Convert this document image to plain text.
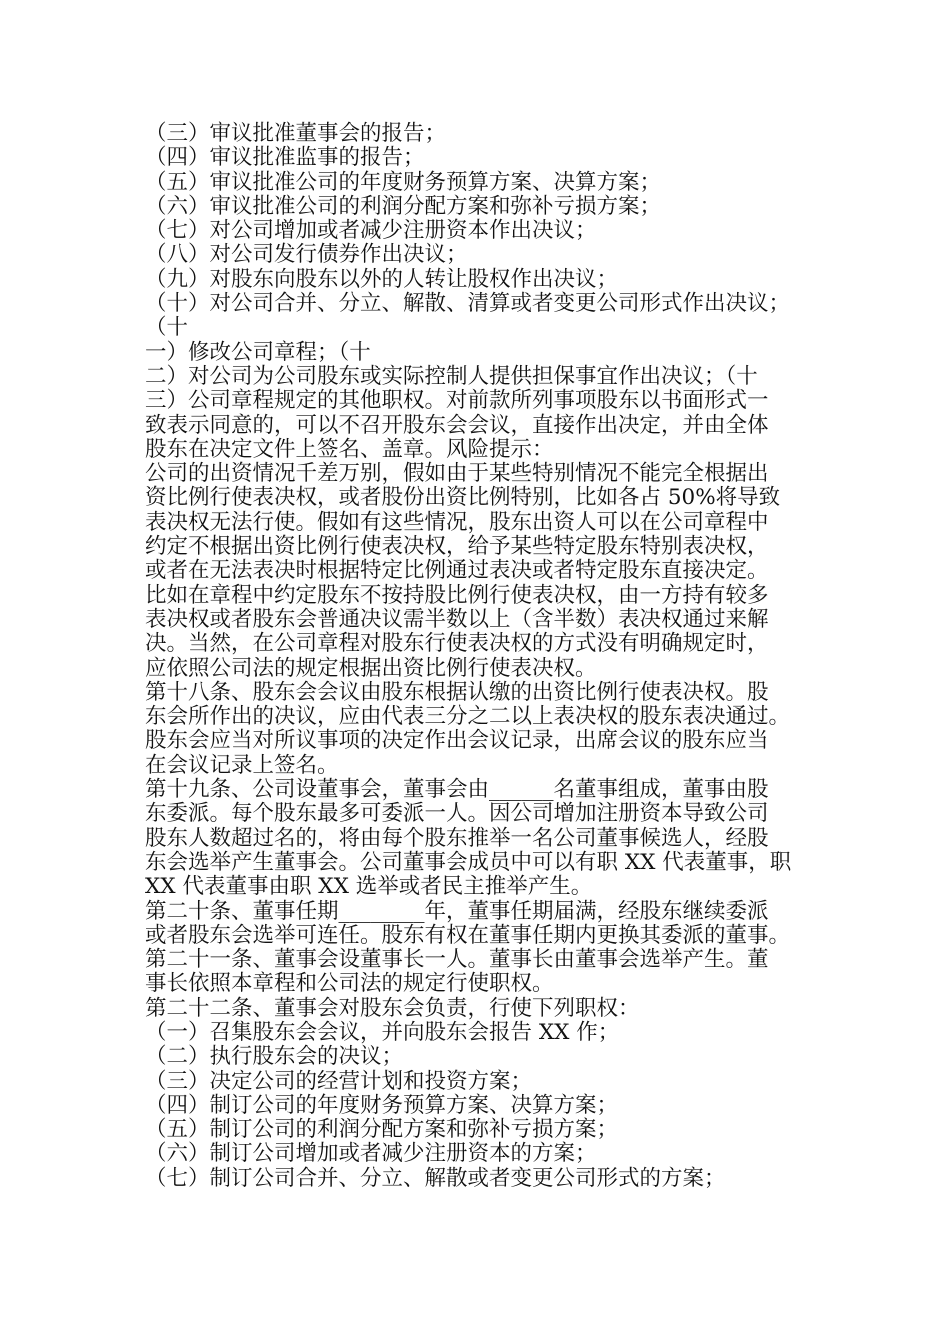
（三）审议批准董事会的报告；
（四）审议批准监事的报告；
（五）审议批准公司的年度财务预算方案、决算方案；
（六）审议批准公司的利润分配方案和弥补亏损方案；
（七）对公司增加或者减少注册资本作出决议；
（八）对公司发行债券作出决议；
（九）对股东向股东以外的人转让股权作出决议；
（十）对公司合并、分立、解散、清算或者变更公司形式作出决议；
（十
一）修改公司章程；（十
二）对公司为公司股东或实际控制人提供担保事宜作出决议；（十
三）公司章程规定的其他职权。对前款所列事项股东以书面形式一
致表示同意的，可以不召开股东会会议，直接作出决定，并由全体
股东在决定文件上签名、盖章。风险提示：
公司的出资情况千差万别，假如由于某些特别情况不能完全根据出
资比例行使表决权，或者股份出资比例特别，比如各占 50%将导致
表决权无法行使。假如有这些情况，股东出资人可以在公司章程中
约定不根据出资比例行使表决权，给予某些特定股东特别表决权，
或者在无法表决时根据特定比例通过表决或者特定股东直接决定。
比如在章程中约定股东不按持股比例行使表决权，由一方持有较多
表决权或者股东会普通决议需半数以上（含半数）表决权通过来解
决。当然，在公司章程对股东行使表决权的方式没有明确规定时，
应依照公司法的规定根据出资比例行使表决权。
第十八条、股东会会议由股东根据认缴的出资比例行使表决权。股
东会所作出的决议，应由代表三分之二以上表决权的股东表决通过。
股东会应当对所议事项的决定作出会议记录，出席会议的股东应当
在会议记录上签名。
第十九条、公司设董事会，董事会由______名董事组成，董事由股
东委派。每个股东最多可委派一人。因公司增加注册资本导致公司
股东人数超过名的，将由每个股东推举一名公司董事候选人，经股
东会选举产生董事会。公司董事会成员中可以有职 XX 代表董事，职
XX 代表董事由职 XX 选举或者民主推举产生。
第二十条、董事任期________年，董事任期届满，经股东继续委派
或者股东会选举可连任。股东有权在董事任期内更换其委派的董事。
第二十一条、董事会设董事长一人。董事长由董事会选举产生。董
事长依照本章程和公司法的规定行使职权。
第二十二条、董事会对股东会负责，行使下列职权：
（一）召集股东会会议，并向股东会报告 XX 作；
（二）执行股东会的决议；
（三）决定公司的经营计划和投资方案；
（四）制订公司的年度财务预算方案、决算方案；
（五）制订公司的利润分配方案和弥补亏损方案；
（六）制订公司增加或者减少注册资本的方案；
（七）制订公司合并、分立、解散或者变更公司形式的方案；
